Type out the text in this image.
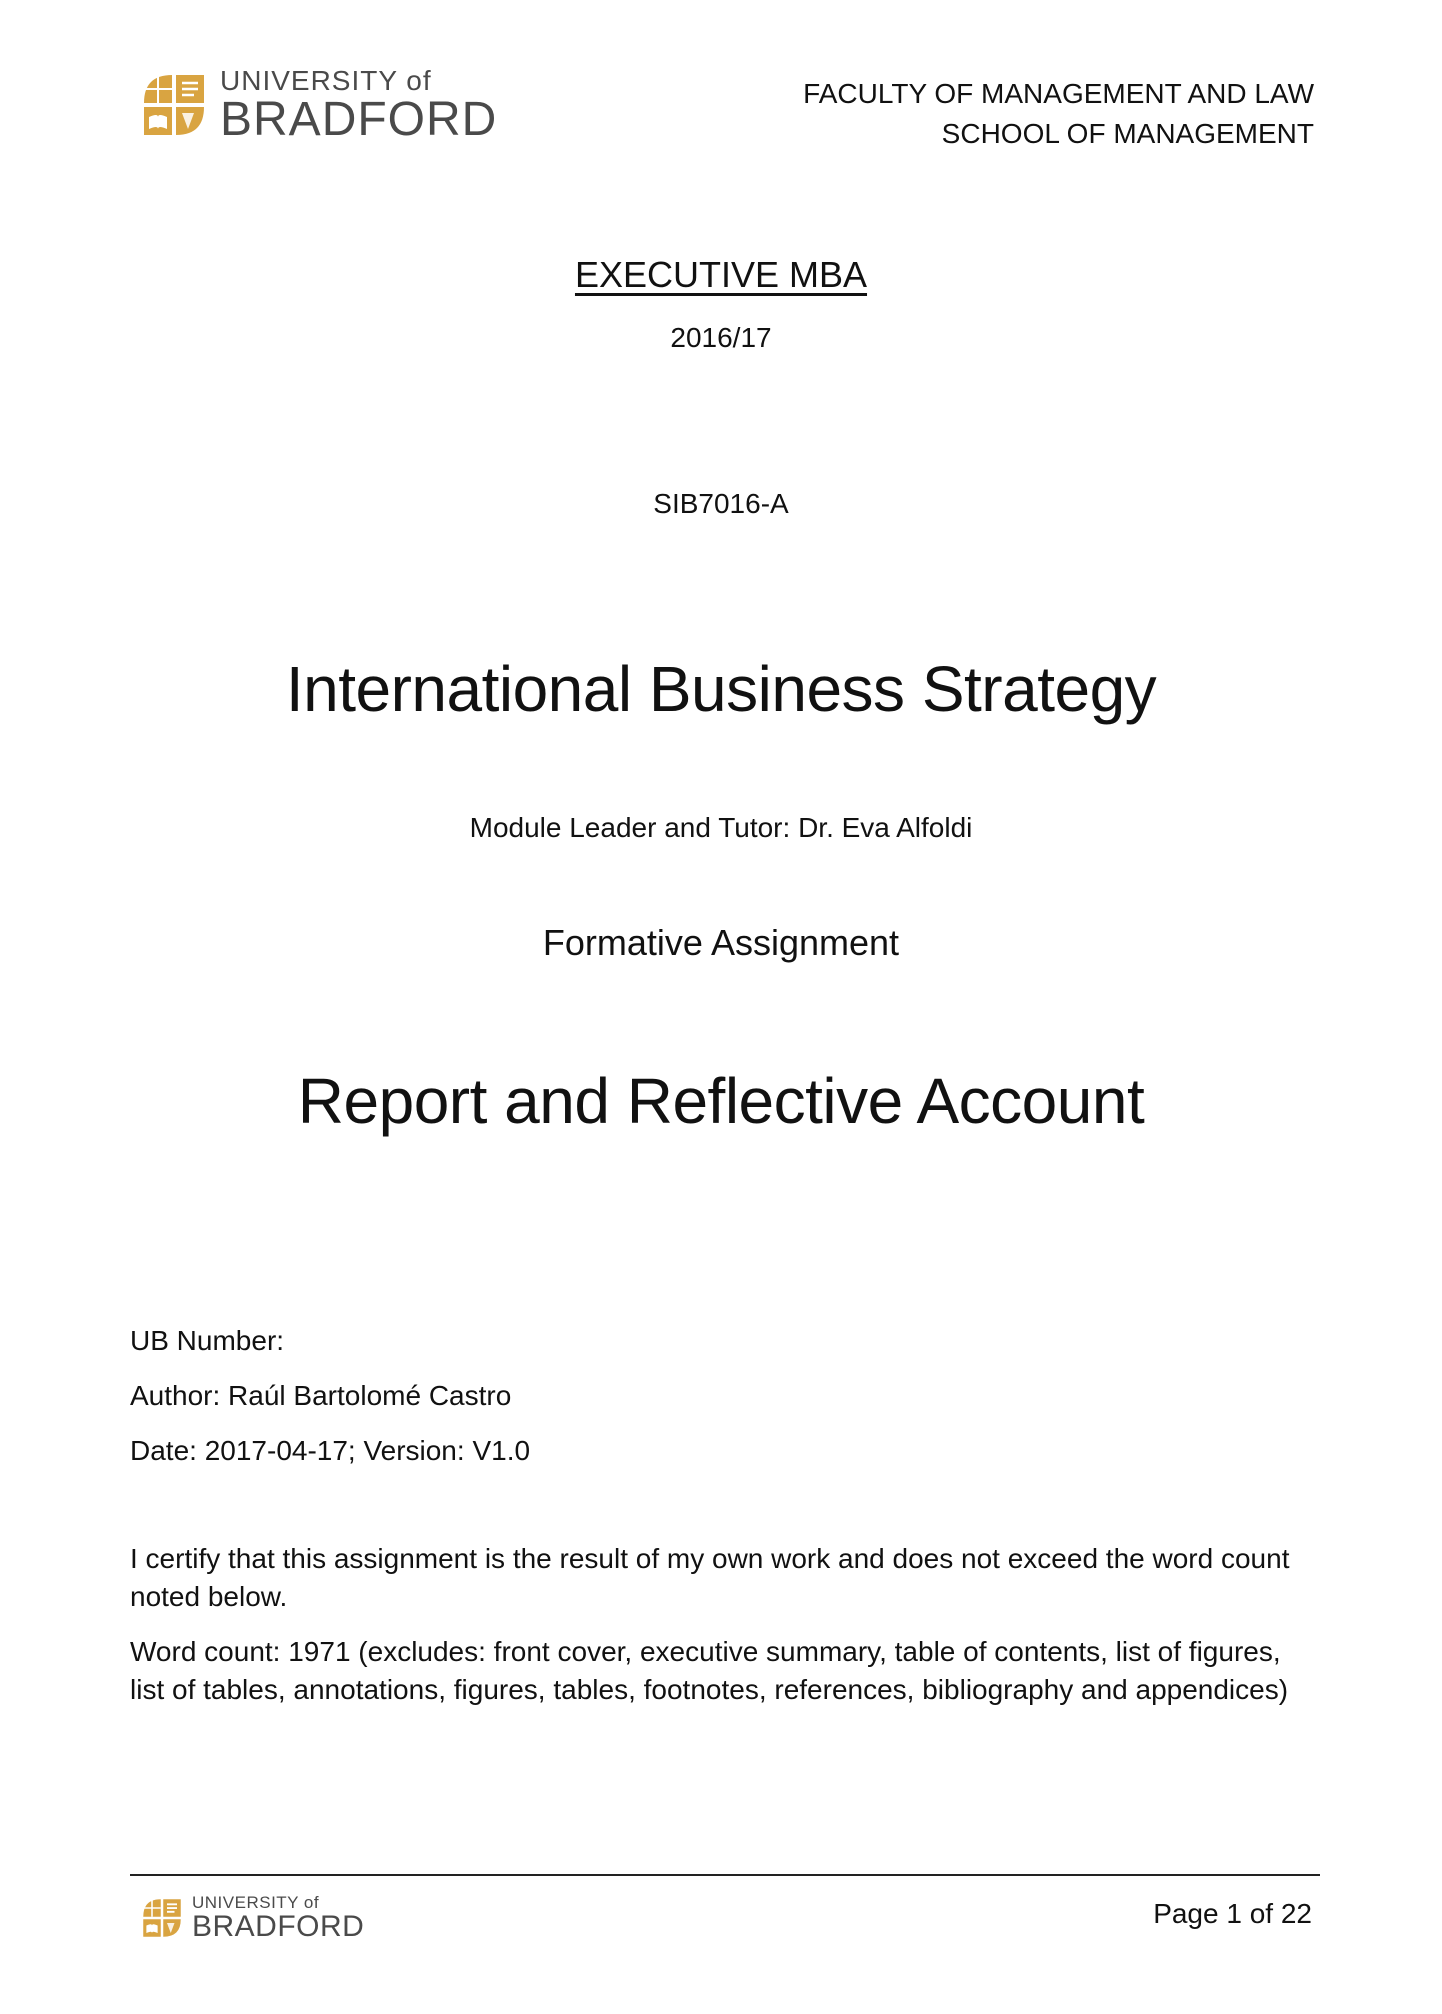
UNIVERSITY of
BRADFORD	FACULTY OF MANAGEMENT AND LAW
SCHOOL OF MANAGEMENT
EXECUTIVE MBA
2016/17
SIB7016-A
International Business Strategy
Module Leader and Tutor: Dr. Eva Alfoldi
Formative Assignment
Report and Reflective Account
UB Number:
Author: Raúl Bartolomé Castro
Date: 2017-04-17; Version: V1.0
I certify that this assignment is the result of my own work and does not exceed the word count noted below.
Word count: 1971 (excludes: front cover, executive summary, table of contents, list of figures, list of tables, annotations, figures, tables, footnotes, references, bibliography and appendices)
UNIVERSITY of
BRADFORD	Page 1 of 22
